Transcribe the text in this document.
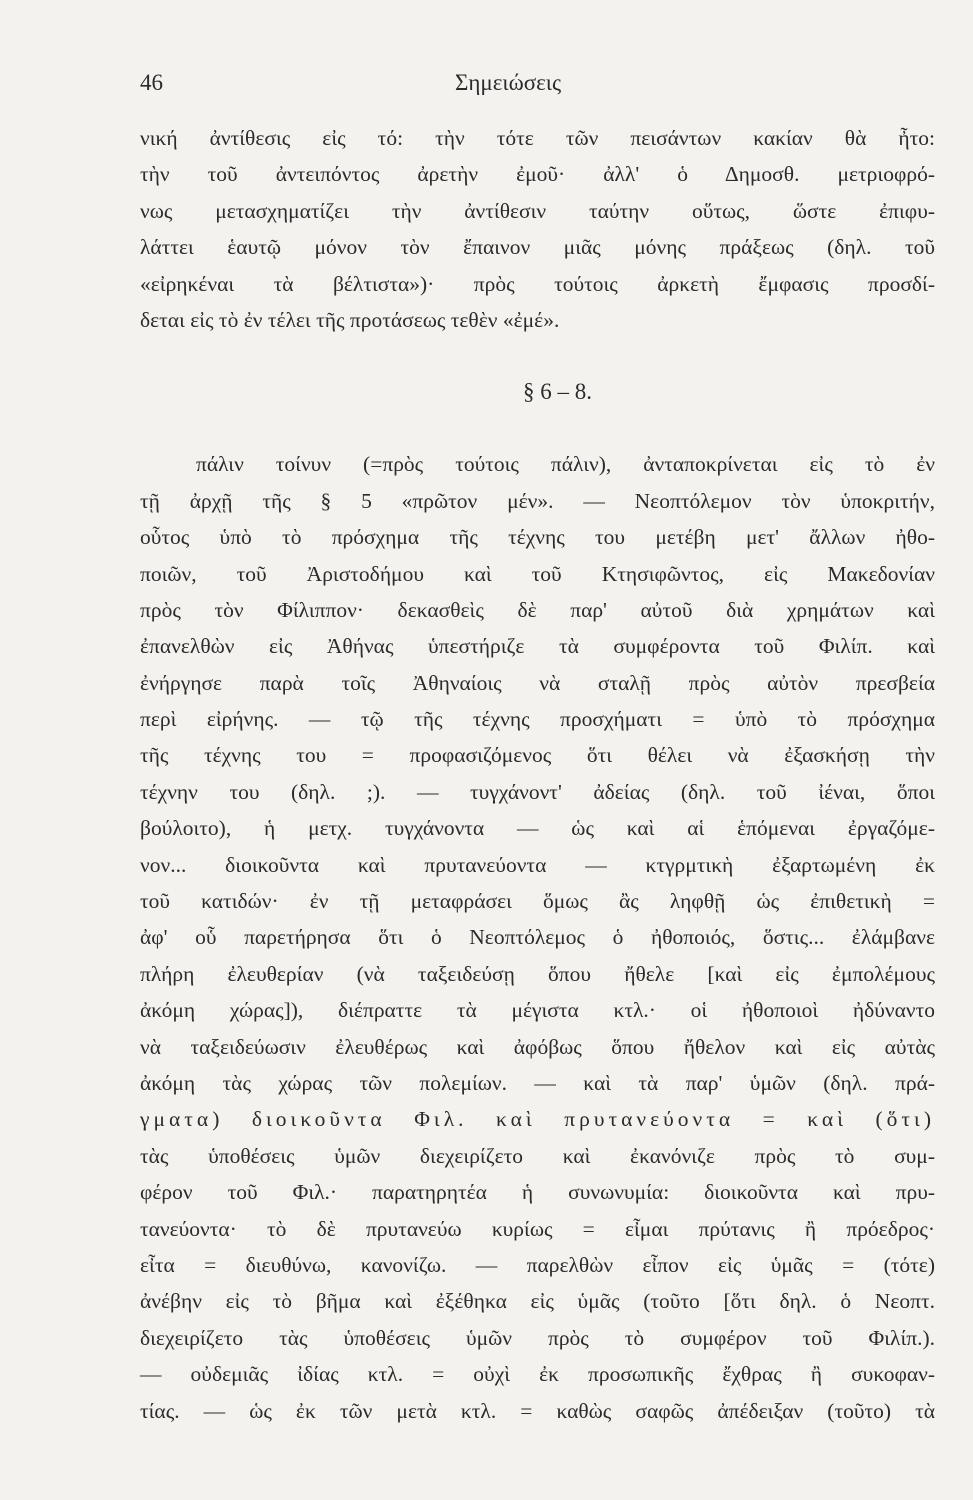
46	Σημειώσεις
νική ἀντίθεσις εἰς τό: τὴν τότε τῶν πεισάντων κακίαν θὰ ἦτο:
τὴν τοῦ ἀντειπόντος ἀρετὴν ἐμοῦ· ἀλλ' ὁ Δημοσθ. μετριοφρό-
νως μετασχηματίζει τὴν ἀντίθεσιν ταύτην οὕτως, ὥστε ἐπιφυ-
λάττει ἑαυτῷ μόνον τὸν ἔπαινον μιᾶς μόνης πράξεως (δηλ. τοῦ
«εἰρηκέναι τὰ βέλτιστα»)· πρὸς τούτοις ἀρκετὴ ἔμφασις προσδί-
δεται εἰς τὸ ἐν τέλει τῆς προτάσεως τεθὲν «ἐμέ».
§ 6 – 8.
πάλιν τοίνυν (=πρὸς τούτοις πάλιν), ἀνταποκρίνεται εἰς τὸ ἐν
τῇ ἀρχῇ τῆς § 5 «πρῶτον μέν». — Νεοπτόλεμον τὸν ὑποκριτήν,
οὗτος ὑπὸ τὸ πρόσχημα τῆς τέχνης του μετέβη μετ' ἄλλων ἠθο-
ποιῶν, τοῦ Ἀριστοδήμου καὶ τοῦ Κτησιφῶντος, εἰς Μακεδονίαν
πρὸς τὸν Φίλιππον· δεκασθεὶς δὲ παρ' αὐτοῦ διὰ χρημάτων καὶ
ἐπανελθὼν εἰς Ἀθήνας ὑπεστήριζε τὰ συμφέροντα τοῦ Φιλίπ. καὶ
ἐνήργησε παρὰ τοῖς Ἀθηναίοις νὰ σταλῇ πρὸς αὐτὸν πρεσβεία
περὶ εἰρήνης. — τῷ τῆς τέχνης προσχήματι = ὑπὸ τὸ πρόσχημα
τῆς τέχνης του = προφασιζόμενος ὅτι θέλει νὰ ἐξασκήσῃ τὴν
τέχνην του (δηλ. ;). — τυγχάνοντ' ἀδείας (δηλ. τοῦ ἰέναι, ὅποι
βούλοιτο), ἡ μετχ. τυγχάνοντα — ὡς καὶ αἱ ἑπόμεναι ἐργαζόμε-
νον... διοικοῦντα καὶ πρυτανεύοντα — κτγρμτικὴ ἐξαρτωμένη ἐκ
τοῦ κατιδών· ἐν τῇ μεταφράσει ὅμως ἂς ληφθῇ ὡς ἐπιθετικὴ =
ἀφ' οὗ παρετήρησα ὅτι ὁ Νεοπτόλεμος ὁ ἠθοποιός, ὅστις... ἐλάμβανε
πλήρη ἐλευθερίαν (νὰ ταξειδεύσῃ ὅπου ἤθελε [καὶ εἰς ἐμπολέμους
ἀκόμη χώρας]), διέπραττε τὰ μέγιστα κτλ.· οἱ ἠθοποιοὶ ἠδύναντο
νὰ ταξειδεύωσιν ἐλευθέρως καὶ ἀφόβως ὅπου ἤθελον καὶ εἰς αὐτὰς
ἀκόμη τὰς χώρας τῶν πολεμίων. — καὶ τὰ παρ' ὑμῶν (δηλ. πρά-
γματα) διοικοῦντα Φιλ. καὶ πρυτανεύοντα = καὶ (ὅτι)
τὰς ὑποθέσεις ὑμῶν διεχειρίζετο καὶ ἐκανόνιζε πρὸς τὸ συμ-
φέρον τοῦ Φιλ.· παρατηρητέα ἡ συνωνυμία: διοικοῦντα καὶ πρυ-
τανεύοντα· τὸ δὲ πρυτανεύω κυρίως = εἶμαι πρύτανις ἢ πρόεδρος·
εἶτα = διευθύνω, κανονίζω. — παρελθὼν εἶπον εἰς ὑμᾶς = (τότε)
ἀνέβην εἰς τὸ βῆμα καὶ ἐξέθηκα εἰς ὑμᾶς (τοῦτο [ὅτι δηλ. ὁ Νεοπτ.
διεχειρίζετο τὰς ὑποθέσεις ὑμῶν πρὸς τὸ συμφέρον τοῦ Φιλίπ.).
— οὐδεμιᾶς ἰδίας κτλ. = οὐχὶ ἐκ προσωπικῆς ἔχθρας ἢ συκοφαν-
τίας. — ὡς ἐκ τῶν μετὰ κτλ. = καθὼς σαφῶς ἀπέδειξαν (τοῦτο) τὰ
